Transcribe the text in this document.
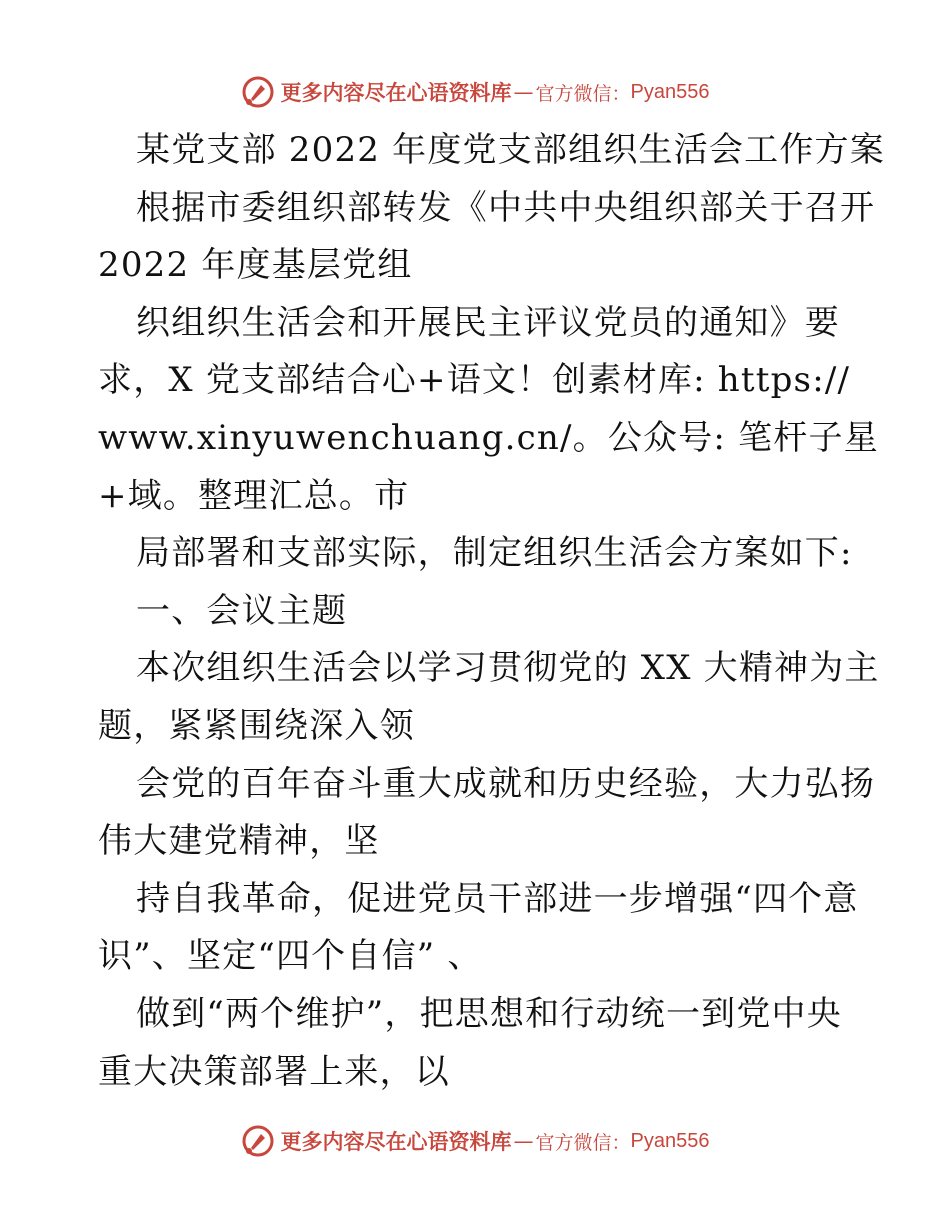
更多内容尽在心语资料库 — 官方微信： Pyan556
某党支部 2022 年度党支部组织生活会工作方案
根据市委组织部转发《中共中央组织部关于召开
2022 年度基层党组
织组织生活会和开展民主评议党员的通知》要
求，X 党支部结合心+语文！创素材库: https://
www.xinyuwenchuang.cn/。公众号: 笔杆子星
+域。整理汇总。市
局部署和支部实际，制定组织生活会方案如下:
一、会议主题
本次组织生活会以学习贯彻党的 XX 大精神为主
题，紧紧围绕深入领
会党的百年奋斗重大成就和历史经验，大力弘扬
伟大建党精神，坚
持自我革命，促进党员干部进一步增强“四个意
识”、坚定“四个自信” 、
做到“两个维护”，把思想和行动统一到党中央
重大决策部署上来，以
更多内容尽在心语资料库 — 官方微信： Pyan556
